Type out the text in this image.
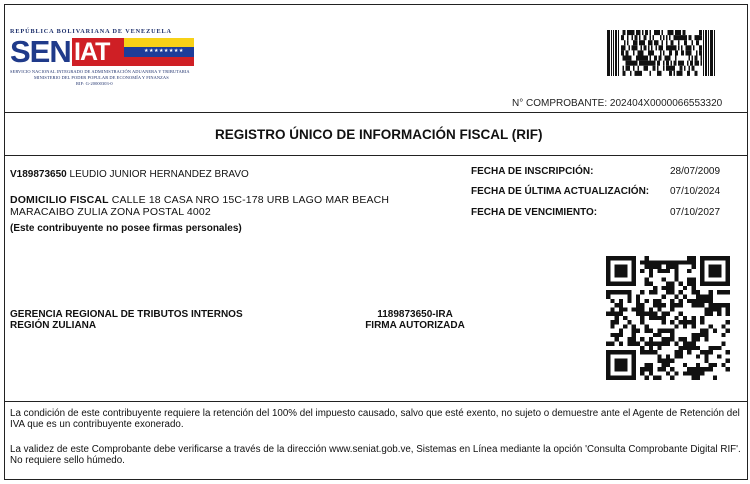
REPÚBLICA BOLIVARIANA DE VENEZUELA
SEN IAT	★★★★★★★★
SERVICIO NACIONAL INTEGRADO DE ADMINISTRACIÓN ADUANERA Y TRIBUTARIA
MINISTERIO DEL PODER POPULAR DE ECONOMÍA Y FINANZAS
RIF: G-20000303-0
N° COMPROBANTE: 202404X0000066553320
REGISTRO ÚNICO DE INFORMACIÓN FISCAL (RIF)
V189873650 LEUDIO JUNIOR HERNANDEZ BRAVO
DOMICILIO FISCAL CALLE 18 CASA NRO 15C-178 URB LAGO MAR BEACH
MARACAIBO ZULIA ZONA POSTAL 4002
(Este contribuyente no posee firmas personales)
FECHA DE INSCRIPCIÓN:	28/07/2009
FECHA DE ÚLTIMA ACTUALIZACIÓN: 07/10/2024
FECHA DE VENCIMIENTO:	07/10/2027
GERENCIA REGIONAL DE TRIBUTOS INTERNOS
REGIÓN ZULIANA
1189873650-IRA
FIRMA AUTORIZADA
La condición de este contribuyente requiere la retención del 100% del impuesto causado, salvo que esté exento, no sujeto o demuestre ante el Agente de Retención del IVA que es un contribuyente exonerado.
La validez de este Comprobante debe verificarse a través de la dirección www.seniat.gob.ve, Sistemas en Línea mediante la opción 'Consulta Comprobante Digital RIF'. No requiere sello húmedo.
